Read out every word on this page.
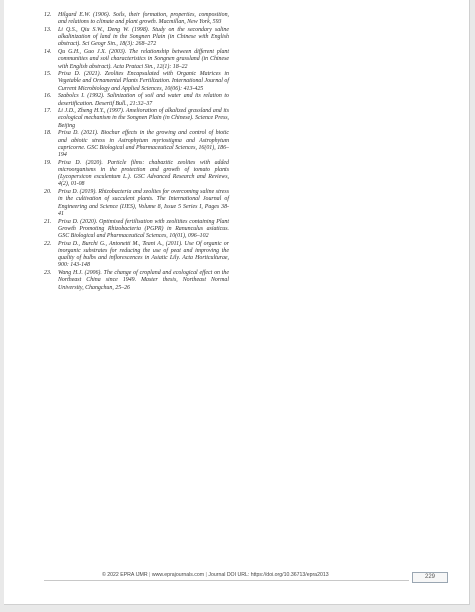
12.	Hilgard E.W. (1906). Soils, their formation, properties, composition, and relations to climate and plant growth. Macmillan, New York, 593
13.	Li Q.S., Qiu S.W., Deng W. (1998). Study on the secondary saline alkalinization of land in the Songnen Plain (in Chinese with English abstract). Sci Geogr Sin., 18(3): 268–272
14.	Qu G.H., Guo J.X. (2003). The relationship between different plant communities and soil characteristics in Songnen grassland (in Chinese with English abstract). Acta Prataci Sin., 12(1): 18–22
15.	Prisa D. (2021). Zeolites Encapsulated with Organic Matrices in Vegetable and Ornamental Plants Fertilization. International Journal of Current Microbiology and Applied Sciences, 10(06): 413-425
16.	Szabolcs I. (1992). Salinization of soil and water and its relation to desertification. Desertif Bull., 21:32–37
17.	Li J.D., Zheng H.Y., (1997). Amelioration of alkalized grassland and its ecological mechanism in the Songnen Plain (in Chinese). Science Press, Beijing
18.	Prisa D. (2021). Biochar effects in the growing and control of biotic and abiotic stress in Astrophytum myriostigma and Astrophytum capricorne. GSC Biological and Pharmaceutical Sciences, 16(01), 186–194
19.	Prisa D. (2020). Particle films: chabazitic zeolites with added microorganisms in the protection and growth of tomato plants (Lycopersicon esculentum L.). GSC Advanced Research and Reviews, 4(2), 01-08
20.	Prisa D. (2019). Rhizobacteria and zeolites for overcoming saline stress in the cultivation of succulent plants. The International Journal of Engineering and Science (IJES), Volume 8, Issue 5 Series I, Pages 38-41
21.	Prisa D. (2020). Optimised fertilisation with zeolitites containing Plant Growth Promoting Rhizobacteria (PGPR) in Ranunculus asiaticus. GSC Biological and Pharmaceutical Sciences, 10(01), 096–102
22.	Prisa D., Burchi G., Antonetti M., Teani A., (2011). Use Of organic or inorganic substrates for reducing the use of peat and improving the quality of bulbs and inflorescences in Asiatic Lily. Acta Horticulturae, 900: 143-148
23.	Wang H.J. (2006). The change of cropland and ecological effect on the Northeast China since 1949. Master thesis, Northeast Normal University, Changchun, 25–26
© 2022 EPRA IJMR | www.eprajournals.com | Journal DOI URL: https://doi.org/10.36713/epra2013	229
